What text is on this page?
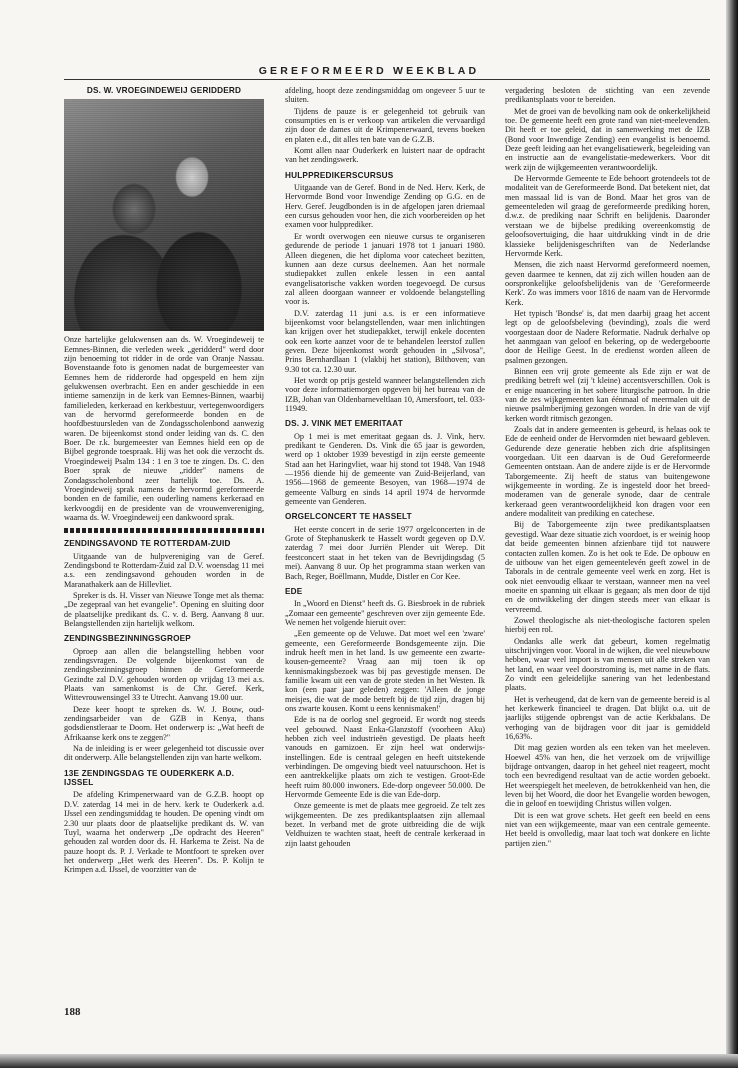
GEREFORMEERD WEEKBLAD
DS. W. VROEGINDEWEIJ GERIDDERD

Onze hartelijke gelukwensen aan ds. W. Vroegindeweij te Eemnes-Binnen, die verleden week „geridderd" werd door zijn benoeming tot ridder in de orde van Oranje Nassau. Bovenstaande foto is genomen nadat de burgemeester van Eemnes hem de ridderorde had opgespeld en hem zijn gelukwensen overbracht. Een en ander geschiedde in een intieme samenzijn in de kerk van Eemnes-Binnen, waarbij familieleden, kerkeraad en kerkbestuur, vertegenwoordigers van de hervormd gereformeerde bonden en de hoofdbestuursleden van de Zondagsscholenbond aanwezig waren. De bijeenkomst stond onder leiding van ds. C. den Boer. De r.k. burgemeester van Eemnes hield een op de Bijbel gegronde toespraak. Hij was het ook die verzocht ds. Vroegindeweij Psalm 134 : 1 en 3 toe te zingen. Ds. C. den Boer sprak de nieuwe „ridder" namens de Zondagsscholenbond zeer hartelijk toe. Ds. A. Vroegindeweij sprak namens de hervormd gereformeerde bonden en de familie, een ouderling namens kerkeraad en kerkvoogdij en de presidente van de vrouwenvereniging, waarna ds. W. Vroegindeweij een dankwoord sprak.

ZENDINGSAVOND TE ROTTERDAM-ZUID

Uitgaande van de hulpvereniging van de Geref. Zendingsbond te Rotterdam-Zuid zal D.V. woensdag 11 mei a.s. een zendingsavond gehouden worden in de Maranathakerk aan de Hillevliet.

Spreker is ds. H. Visser van Nieuwe Tonge met als thema: „De zegepraal van het evangelie". Opening en sluiting door de plaatselijke predikant ds. C. v. d. Berg. Aanvang 8 uur. Belangstellenden zijn hartelijk welkom.

ZENDINGSBEZINNINGSGROEP

Oproep aan allen die belangstelling hebben voor zendingsvragen. De volgende bijeenkomst van de zendingsbezinningsgroep binnen de Gereformeerde Gezindte zal D.V. gehouden worden op vrijdag 13 mei a.s. Plaats van samenkomst is de Chr. Geref. Kerk, Wittevrouwensingel 33 te Utrecht. Aanvang 19.00 uur.

Deze keer hoopt te spreken ds. W. J. Bouw, oud-zendingsarbeider van de GZB in Kenya, thans godsdienstleraar te Doorn. Het onderwerp is: „Wat heeft de Afrikaanse kerk ons te zeggen?"

Na de inleiding is er weer gelegenheid tot discussie over dit onderwerp. Alle belangstellenden zijn van harte welkom.

13E ZENDINGSDAG TE OUDERKERK A.D. IJSSEL

De afdeling Krimpenerwaard van de G.Z.B. hoopt op D.V. zaterdag 14 mei in de herv. kerk te Ouderkerk a.d. IJssel een zendingsmiddag te houden. De opening vindt om 2.30 uur plaats door de plaatselijke predikant ds. W. van Tuyl, waarna het onderwerp „De opdracht des Heeren" gehouden zal worden door ds. H. Harkema te Zeist. Na de pauze hoopt ds. P. J. Verkade te Montfoort te spreken over het onderwerp „Het werk des Heeren". Ds. P. Kolijn te Krimpen a.d. IJssel, de voorzitter van de

afdeling, hoopt deze zendingsmiddag om ongeveer 5 uur te sluiten.

Tijdens de pauze is er gelegenheid tot gebruik van consumpties en is er verkoop van artikelen die vervaardigd zijn door de dames uit de Krimpenerwaard, tevens boeken en platen e.d., dit alles ten bate van de G.Z.B.

Komt allen naar Ouderkerk en luistert naar de opdracht van het zendingswerk.

HULPPREDIKERSCURSUS

Uitgaande van de Geref. Bond in de Ned. Herv. Kerk, de Hervormde Bond voor Inwendige Zending op G.G. en de Herv. Geref. Jeugdbonden is in de afgelopen jaren driemaal een cursus gehouden voor hen, die zich voorbereiden op het examen voor hulpprediker.

Er wordt overwogen een nieuwe cursus te organiseren gedurende de periode 1 januari 1978 tot 1 januari 1980. Alleen diegenen, die het diploma voor catecheet bezitten, kunnen aan deze cursus deelnemen. Aan het normale studiepakket zullen enkele lessen in een aantal evangelisatorische vakken worden toegevoegd. De cursus zal alleen doorgaan wanneer er voldoende belangstelling voor is.

D.V. zaterdag 11 juni a.s. is er een informatieve bijeenkomst voor belangstellenden, waar men inlichtingen kan krijgen over het studiepakket, terwijl enkele docenten ook een korte aanzet voor de te behandelen leerstof zullen geven. Deze bijeenkomst wordt gehouden in „Silvosa", Prins Bernhardlaan 1 (vlakbij het station), Bilthoven; van 9.30 tot ca. 12.30 uur.

Het wordt op prijs gesteld wanneer belangstellenden zich voor deze informatiemorgen opgeven bij het bureau van de IZB, Johan van Oldenbarneveltlaan 10, Amersfoort, tel. 033-11949.

DS. J. VINK MET EMERITAAT

Op 1 mei is met emeritaat gegaan ds. J. Vink, herv. predikant te Genderen. Ds. Vink die 65 jaar is geworden, werd op 1 oktober 1939 bevestigd in zijn eerste gemeente Stad aan het Haringvliet, waar hij stond tot 1948. Van 1948—1956 diende hij de gemeente van Zuid-Beijerland, van 1956—1968 de gemeente Besoyen, van 1968—1974 de gemeente Valburg en sinds 14 april 1974 de hervormde gemeente van Genderen.

ORGELCONCERT TE HASSELT

Het eerste concert in de serie 1977 orgelconcerten in de Grote of Stephanuskerk te Hasselt wordt gegeven op D.V. zaterdag 7 mei door Jurriën Plender uit Werep. Dit feestconcert staat in het teken van de Bevrijdingsdag (5 mei). Aanvang 8 uur. Op het programma staan werken van Bach, Reger, Boëllmann, Mudde, Distler en Cor Kee.

EDE

In „Woord en Dienst" heeft ds. G. Biesbroek in de rubriek „Zomaar een gemeente" geschreven over zijn gemeente Ede. We nemen het volgende hieruit over:

„Een gemeente op de Veluwe. Dat moet wel een 'zware' gemeente, een Gereformeerde Bondsgemeente zijn. Die indruk heeft men in het land. Is uw gemeente een zwarte-kousen-gemeente? Vraag aan mij toen ik op kennismakingsbezoek was bij pas gevestigde mensen. De familie kwam uit een van de grote steden in het Westen. Ik kon (een paar jaar geleden) zeggen: 'Alleen de jonge meisjes, die wat de mode betreft bij de tijd zijn, dragen bij ons zwarte kousen. Komt u eens kennismaken!'

Ede is na de oorlog snel gegroeid. Er wordt nog steeds veel gebouwd. Naast Enka-Glanzstoff (voorheen Aku) hebben zich veel industrieën gevestigd. De plaats heeft vanouds en garnizoen. Er zijn heel wat onderwijs-instellingen. Ede is centraal gelegen en heeft uitstekende verbindingen. De omgeving biedt veel natuurschoon. Het is een aantrekkelijke plaats om zich te vestigen. Groot-Ede heeft ruim 80.000 inwoners. Ede-dorp ongeveer 50.000. De Hervormde Gemeente Ede is die van Ede-dorp.

Onze gemeente is met de plaats mee gegroeid. Ze telt zes wijkgemeenten. De zes predikantsplaatsen zijn allemaal bezet. In verband met de grote uitbreiding die de wijk Veldhuizen te wachten staat, heeft de centrale kerkeraad in zijn laatst gehouden

vergadering besloten de stichting van een zevende predikantsplaats voor te bereiden.

Met de groei van de bevolking nam ook de onkerkelijkheid toe. De gemeente heeft een grote rand van niet-meelevenden. Dit heeft er toe geleid, dat in samenwerking met de IZB (Bond voor Inwendige Zending) een evangelist is benoemd. Deze geeft leiding aan het evangelisatiewerk, begeleiding van en instructie aan de evangelistatie-medewerkers. Voor dit werk zijn de wijkgemeenten verantwoordelijk.

De Hervormde Gemeente te Ede behoort grotendeels tot de modaliteit van de Gereformeerde Bond. Dat betekent niet, dat men massaal lid is van de Bond. Maar het gros van de gemeenteleden wil graag de gereformeerde prediking horen, d.w.z. de prediking naar Schrift en belijdenis. Daaronder verstaan we de bijbelse prediking overeenkomstig de geloofsovertuiging, die haar uitdrukking vindt in de drie klassieke belijdenisgeschriften van de Nederlandse Hervormde Kerk.

Mensen, die zich naast Hervormd gereformeerd noemen, geven daarmee te kennen, dat zij zich willen houden aan de oorspronkelijke geloofsbelijdenis van de 'Gereformeerde Kerk'. Zo was immers voor 1816 de naam van de Hervormde Kerk.

Het typisch 'Bondse' is, dat men daarbij graag het accent legt op de geloofsbeleving (bevinding), zoals die werd voorgestaan door de Nadere Reformatie. Nadruk derhalve op het aanmgaan van geloof en bekering, op de wedergeboorte door de Heilige Geest. In de eredienst worden alleen de psalmen gezongen.

Binnen een vrij grote gemeente als Ede zijn er wat de prediking betreft wel (zij 't kleine) accentsverschillen. Ook is er enige nuancering in het sobere liturgische patroon. In drie van de zes wijkgemeenten kan éénmaal of meermalen uit de nieuwe psalmberijming gezongen worden. In drie van de vijf kerken wordt ritmisch gezongen.

Zoals dat in andere gemeenten is gebeurd, is helaas ook te Ede de eenheid onder de Hervormden niet bewaard gebleven. Gedurende deze generatie hebben zich drie afsplitsingen voorgedaan. Uit een daarvan is de Oud Gereformeerde Gemeenten ontstaan. Aan de andere zijde is er de Hervormde Taborgemeente. Zij heeft de status van buitengewone wijkgemeente in wording. Ze is ingesteld door het breed-moderamen van de generale synode, daar de centrale kerkeraad geen verantwoordelijkheid kon dragen voor een andere modaliteit van prediking en catechese.

Bij de Taborgemeente zijn twee predikantsplaatsen gevestigd. Waar deze situatie zich voordoet, is er weinig hoop dat beide gemeenten binnen afzienbare tijd tot nauwere contacten zullen komen. Zo is het ook te Ede. De opbouw en de uitbouw van het eigen gemeentelevén geeft zowel in de Taborals in de centrale gemeente veel werk en zorg. Het is ook niet eenvoudig elkaar te verstaan, wanneer men na veel moeite en spanning uit elkaar is gegaan; als men door de tijd en de ontwikkeling der dingen steeds meer van elkaar is vervreemd.

Zowel theologische als niet-theologische factoren spelen hierbij een rol.

Ondanks alle werk dat gebeurt, komen regelmatig uitschrijvingen voor. Vooral in de wijken, die veel nieuwbouw hebben, waar veel import is van mensen uit alle streken van het land, en waar veel doorstroming is, met name in de flats. Zo vindt een geleidelijke sanering van het ledenbestand plaats.

Het is verheugend, dat de kern van de gemeente bereid is al het kerkewerk financieel te dragen. Dat blijkt o.a. uit de jaarlijks stijgende opbrengst van de actie Kerkbalans. De verhoging van de bijdragen voor dit jaar is gemiddeld 16,63%.

Dit mag gezien worden als een teken van het meeleven. Hoewel 45% van hen, die het verzoek om de vrijwillige bijdrage ontvangen, daarop in het geheel niet reageert, mocht toch een bevredigend resultaat van de actie worden geboekt. Het weerspiegelt het meeleven, de betrokkenheid van hen, die leven bij het Woord, die door het Evangelie worden bewogen, die in geloof en toewijding Christus willen volgen.

Dit is een wat grove schets. Het geeft een beeld en eens niet van een wijkgemeente, maar van een centrale gemeente. Het beeld is onvolledig, maar laat toch wat donkere en lichte partijen zien."

188
